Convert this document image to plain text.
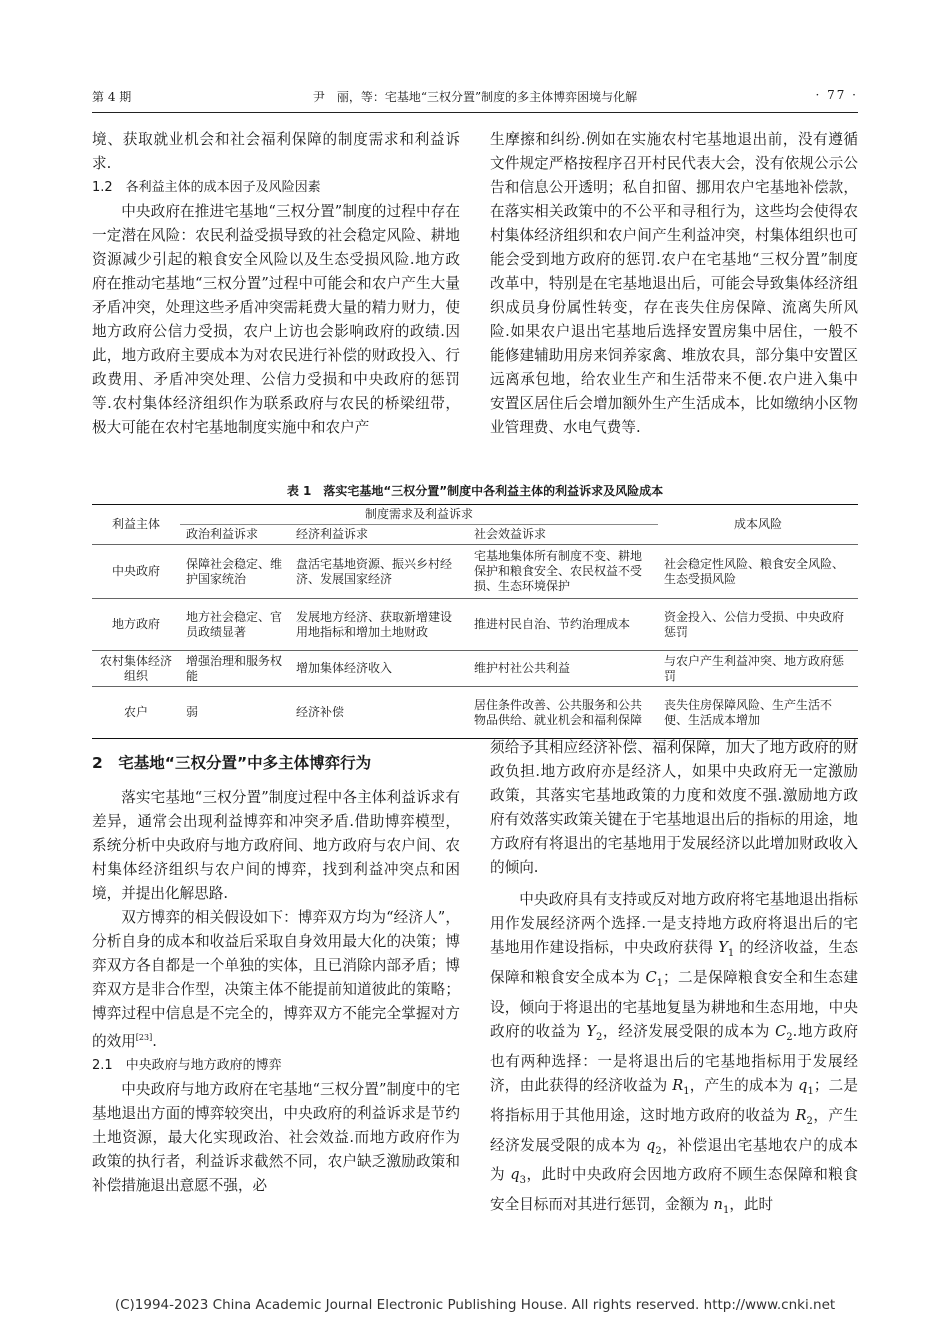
第 4 期	尹　丽，等：宅基地“三权分置”制度的多主体博弈困境与化解	· 77 ·

境、获取就业机会和社会福利保障的制度需求和利益诉求.

1.2　各利益主体的成本因子及风险因素

中央政府在推进宅基地“三权分置”制度的过程中存在一定潜在风险：农民利益受损导致的社会稳定风险、耕地资源减少引起的粮食安全风险以及生态受损风险.地方政府在推动宅基地“三权分置”过程中可能会和农户产生大量矛盾冲突，处理这些矛盾冲突需耗费大量的精力财力，使地方政府公信力受损，农户上访也会影响政府的政绩.因此，地方政府主要成本为对农民进行补偿的财政投入、行政费用、矛盾冲突处理、公信力受损和中央政府的惩罚等.农村集体经济组织作为联系政府与农民的桥梁纽带，极大可能在农村宅基地制度实施中和农户产

生摩擦和纠纷.例如在实施农村宅基地退出前，没有遵循文件规定严格按程序召开村民代表大会，没有依规公示公告和信息公开透明；私自扣留、挪用农户宅基地补偿款，在落实相关政策中的不公平和寻租行为，这些均会使得农村集体经济组织和农户间产生利益冲突，村集体组织也可能会受到地方政府的惩罚.农户在宅基地“三权分置”制度改革中，特别是在宅基地退出后，可能会导致集体经济组织成员身份属性转变，存在丧失住房保障、流离失所风险.如果农户退出宅基地后选择安置房集中居住，一般不能修建辅助用房来饲养家禽、堆放农具，部分集中安置区远离承包地，给农业生产和生活带来不便.农户进入集中安置区居住后会增加额外生产生活成本，比如缴纳小区物业管理费、水电气费等.

表 1　落实宅基地“三权分置”制度中各利益主体的利益诉求及风险成本
利益主体	制度需求及利益诉求			成本风险
	政治利益诉求	经济利益诉求	社会效益诉求	
中央政府	保障社会稳定、维护国家统治	盘活宅基地资源、振兴乡村经济、发展国家经济	宅基地集体所有制度不变、耕地保护和粮食安全、农民权益不受损、生态环境保护	社会稳定性风险、粮食安全风险、生态受损风险
地方政府	地方社会稳定、官员政绩显著	发展地方经济、获取新增建设用地指标和增加土地财政	推进村民自治、节约治理成本	资金投入、公信力受损、中央政府惩罚
农村集体经济组织	增强治理和服务权能	增加集体经济收入	维护村社公共利益	与农户产生利益冲突、地方政府惩罚
农户	弱	经济补偿	居住条件改善、公共服务和公共物品供给、就业机会和福利保障	丧失住房保障风险、生产生活不便、生活成本增加

2　宅基地“三权分置”中多主体博弈行为

落实宅基地“三权分置”制度过程中各主体利益诉求有差异，通常会出现利益博弈和冲突矛盾.借助博弈模型，系统分析中央政府与地方政府间、地方政府与农户间、农村集体经济组织与农户间的博弈，找到利益冲突点和困境，并提出化解思路.

双方博弈的相关假设如下：博弈双方均为“经济人”，分析自身的成本和收益后采取自身效用最大化的决策；博弈双方各自都是一个单独的实体，且已消除内部矛盾；博弈双方是非合作型，决策主体不能提前知道彼此的策略；博弈过程中信息是不完全的，博弈双方不能完全掌握对方的效用[23].

2.1　中央政府与地方政府的博弈

中央政府与地方政府在宅基地“三权分置”制度中的宅基地退出方面的博弈较突出，中央政府的利益诉求是节约土地资源，最大化实现政治、社会效益.而地方政府作为政策的执行者，利益诉求截然不同，农户缺乏激励政策和补偿措施退出意愿不强，必

须给予其相应经济补偿、福利保障，加大了地方政府的财政负担.地方政府亦是经济人，如果中央政府无一定激励政策，其落实宅基地政策的力度和效度不强.激励地方政府有效落实政策关键在于宅基地退出后的指标的用途，地方政府有将退出的宅基地用于发展经济以此增加财政收入的倾向.

中央政府具有支持或反对地方政府将宅基地退出指标用作发展经济两个选择.一是支持地方政府将退出后的宅基地用作建设指标，中央政府获得 $Y_1$ 的经济收益，生态保障和粮食安全成本为 $C_1$；二是保障粮食安全和生态建设，倾向于将退出的宅基地复垦为耕地和生态用地，中央政府的收益为 $Y_2$，经济发展受限的成本为 $C_2$.地方政府也有两种选择：一是将退出后的宅基地指标用于发展经济，由此获得的经济收益为 $R_1$，产生的成本为 $q_1$；二是将指标用于其他用途，这时地方政府的收益为 $R_2$，产生经济发展受限的成本为 $q_2$，补偿退出宅基地农户的成本为 $q_3$，此时中央政府会因地方政府不顾生态保障和粮食安全目标而对其进行惩罚，金额为 $n_1$，此时

(C)1994-2023 China Academic Journal Electronic Publishing House. All rights reserved. http://www.cnki.net
